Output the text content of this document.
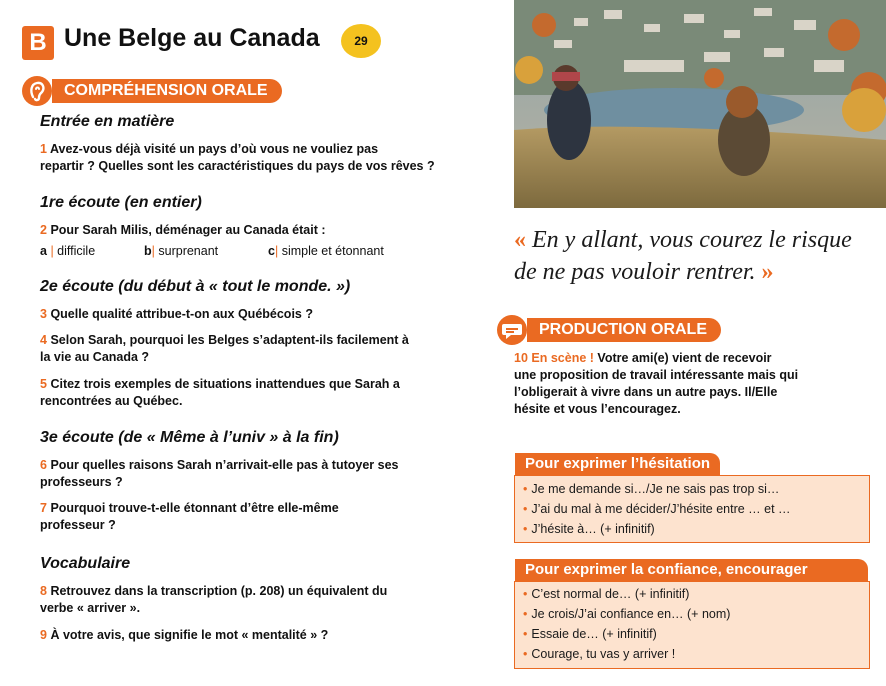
B Une Belge au Canada	29
COMPRÉHENSION ORALE
Entrée en matière
1 Avez-vous déjà visité un pays d’où vous ne vouliez pas
repartir ? Quelles sont les caractéristiques du pays de vos rêves ?
1re écoute (en entier)
2 Pour Sarah Milis, déménager au Canada était :
a | difficile	b| surprenant	c| simple et étonnant
2e écoute (du début à « tout le monde. »)
3 Quelle qualité attribue-t-on aux Québécois ?
4 Selon Sarah, pourquoi les Belges s’adaptent-ils facilement à
la vie au Canada ?
5 Citez trois exemples de situations inattendues que Sarah a
rencontrées au Québec.
3e écoute (de « Même à l’univ » à la fin)
6 Pour quelles raisons Sarah n’arrivait-elle pas à tutoyer ses
professeurs ?
7 Pourquoi trouve-t-elle étonnant d’être elle-même
professeur ?
Vocabulaire
8 Retrouvez dans la transcription (p. 208) un équivalent du
verbe « arriver ».
9 À votre avis, que signifie le mot « mentalité » ?
« En y allant, vous courez le risque
de ne pas vouloir rentrer. »
PRODUCTION ORALE
10 En scène ! Votre ami(e) vient de recevoir
une proposition de travail intéressante mais qui
l’obligerait à vivre dans un autre pays. Il/Elle
hésite et vous l’encouragez.
Pour exprimer l’hésitation
• Je me demande si…/Je ne sais pas trop si…
• J’ai du mal à me décider/J’hésite entre … et …
• J’hésite à… (+ infinitif)
Pour exprimer la confiance, encourager
• C’est normal de… (+ infinitif)
• Je crois/J’ai confiance en… (+ nom)
• Essaie de… (+ infinitif)
• Courage, tu vas y arriver !
